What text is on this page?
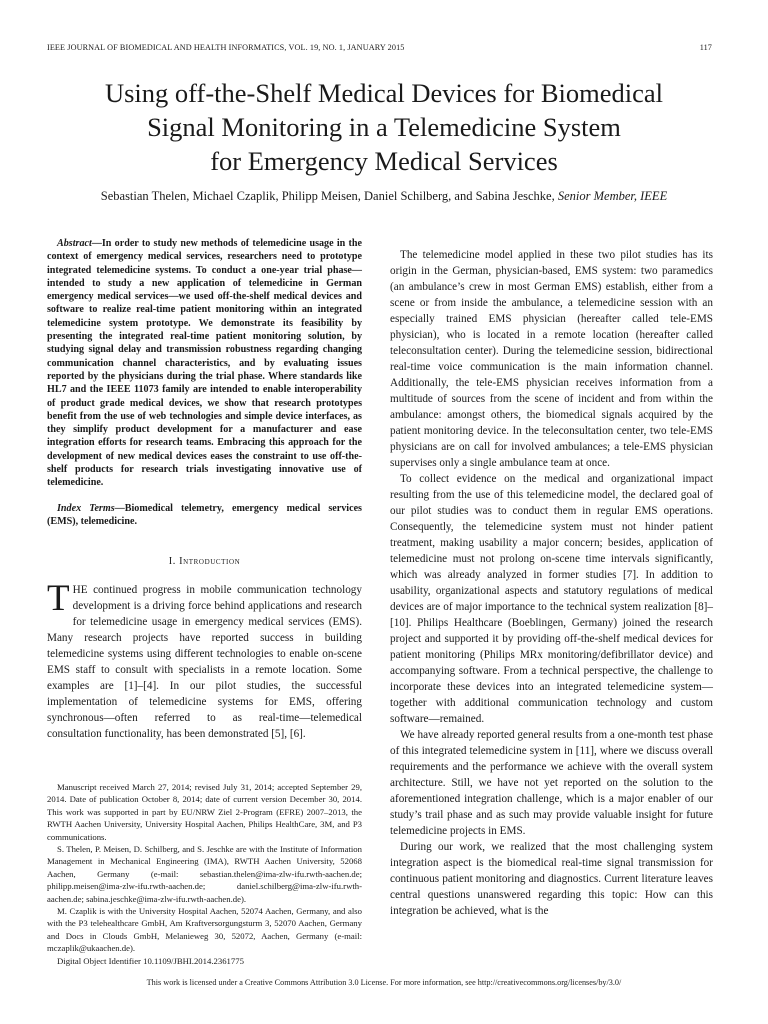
IEEE JOURNAL OF BIOMEDICAL AND HEALTH INFORMATICS, VOL. 19, NO. 1, JANUARY 2015	117
Using off-the-Shelf Medical Devices for Biomedical
Signal Monitoring in a Telemedicine System
for Emergency Medical Services
Sebastian Thelen, Michael Czaplik, Philipp Meisen, Daniel Schilberg, and Sabina Jeschke, Senior Member, IEEE

Abstract—In order to study new methods of telemedicine usage in the context of emergency medical services, researchers need to prototype integrated telemedicine systems. To conduct a one-year trial phase—intended to study a new application of telemedicine in German emergency medical services—we used off-the-shelf medical devices and software to realize real-time patient monitoring within an integrated telemedicine system prototype. We demonstrate its feasibility by presenting the integrated real-time patient monitoring solution, by studying signal delay and transmission robustness regarding changing communication channel characteristics, and by evaluating issues reported by the physicians during the trial phase. Where standards like HL7 and the IEEE 11073 family are intended to enable interoperability of product grade medical devices, we show that research prototypes benefit from the use of web technologies and simple device interfaces, as they simplify product development for a manufacturer and ease integration efforts for research teams. Embracing this approach for the development of new medical devices eases the constraint to use off-the-shelf products for research trials investigating innovative use of telemedicine.

Index Terms—Biomedical telemetry, emergency medical services (EMS), telemedicine.

I. Introduction

THE continued progress in mobile communication technology development is a driving force behind applications and research for telemedicine usage in emergency medical services (EMS). Many research projects have reported success in building telemedicine systems using different technologies to enable on-scene EMS staff to consult with specialists in a remote location. Some examples are [1]–[4]. In our pilot studies, the successful implementation of telemedicine systems for EMS, offering synchronous—often referred to as real-time—telemedical consultation functionality, has been demonstrated [5], [6].

Manuscript received March 27, 2014; revised July 31, 2014; accepted September 29, 2014. Date of publication October 8, 2014; date of current version December 30, 2014. This work was supported in part by EU/NRW Ziel 2-Program (EFRE) 2007–2013, the RWTH Aachen University, University Hospital Aachen, Philips HealthCare, 3M, and P3 communications.

S. Thelen, P. Meisen, D. Schilberg, and S. Jeschke are with the Institute of Information Management in Mechanical Engineering (IMA), RWTH Aachen University, 52068 Aachen, Germany (e-mail: sebastian.thelen@ima-zlw-ifu.rwth-aachen.de; philipp.meisen@ima-zlw-ifu.rwth-aachen.de; daniel.schilberg@ima-zlw-ifu.rwth-aachen.de; sabina.jeschke@ima-zlw-ifu.rwth-aachen.de).

M. Czaplik is with the University Hospital Aachen, 52074 Aachen, Germany, and also with the P3 telehealthcare GmbH, Am Kraftversorgungsturm 3, 52070 Aachen, Germany and Docs in Clouds GmbH, Melanieweg 30, 52072, Aachen, Germany (e-mail: mczaplik@ukaachen.de).

Digital Object Identifier 10.1109/JBHI.2014.2361775

The telemedicine model applied in these two pilot studies has its origin in the German, physician-based, EMS system: two paramedics (an ambulance’s crew in most German EMS) establish, either from a scene or from inside the ambulance, a telemedicine session with an especially trained EMS physician (hereafter called tele-EMS physician), who is located in a remote location (hereafter called teleconsultation center). During the telemedicine session, bidirectional real-time voice communication is the main information channel. Additionally, the tele-EMS physician receives information from a multitude of sources from the scene of incident and from within the ambulance: amongst others, the biomedical signals acquired by the patient monitoring device. In the teleconsultation center, two tele-EMS physicians are on call for involved ambulances; a tele-EMS physician supervises only a single ambulance team at once.

To collect evidence on the medical and organizational impact resulting from the use of this telemedicine model, the declared goal of our pilot studies was to conduct them in regular EMS operations. Consequently, the telemedicine system must not hinder patient treatment, making usability a major concern; besides, application of telemedicine must not prolong on-scene time intervals significantly, which was already analyzed in former studies [7]. In addition to usability, organizational aspects and statutory regulations of medical devices are of major importance to the technical system realization [8]–[10]. Philips Healthcare (Boeblingen, Germany) joined the research project and supported it by providing off-the-shelf medical devices for patient monitoring (Philips MRx monitoring/defibrillator device) and accompanying software. From a technical perspective, the challenge to incorporate these devices into an integrated telemedicine system—together with additional communication technology and custom software—remained.

We have already reported general results from a one-month test phase of this integrated telemedicine system in [11], where we discuss overall requirements and the performance we achieve with the overall system architecture. Still, we have not yet reported on the solution to the aforementioned integration challenge, which is a major enabler of our study’s trail phase and as such may provide valuable insight for future telemedicine projects in EMS.

During our work, we realized that the most challenging system integration aspect is the biomedical real-time signal transmission for continuous patient monitoring and diagnostics. Current literature leaves central questions unanswered regarding this topic: How can this integration be achieved, what is the

This work is licensed under a Creative Commons Attribution 3.0 License. For more information, see http://creativecommons.org/licenses/by/3.0/
